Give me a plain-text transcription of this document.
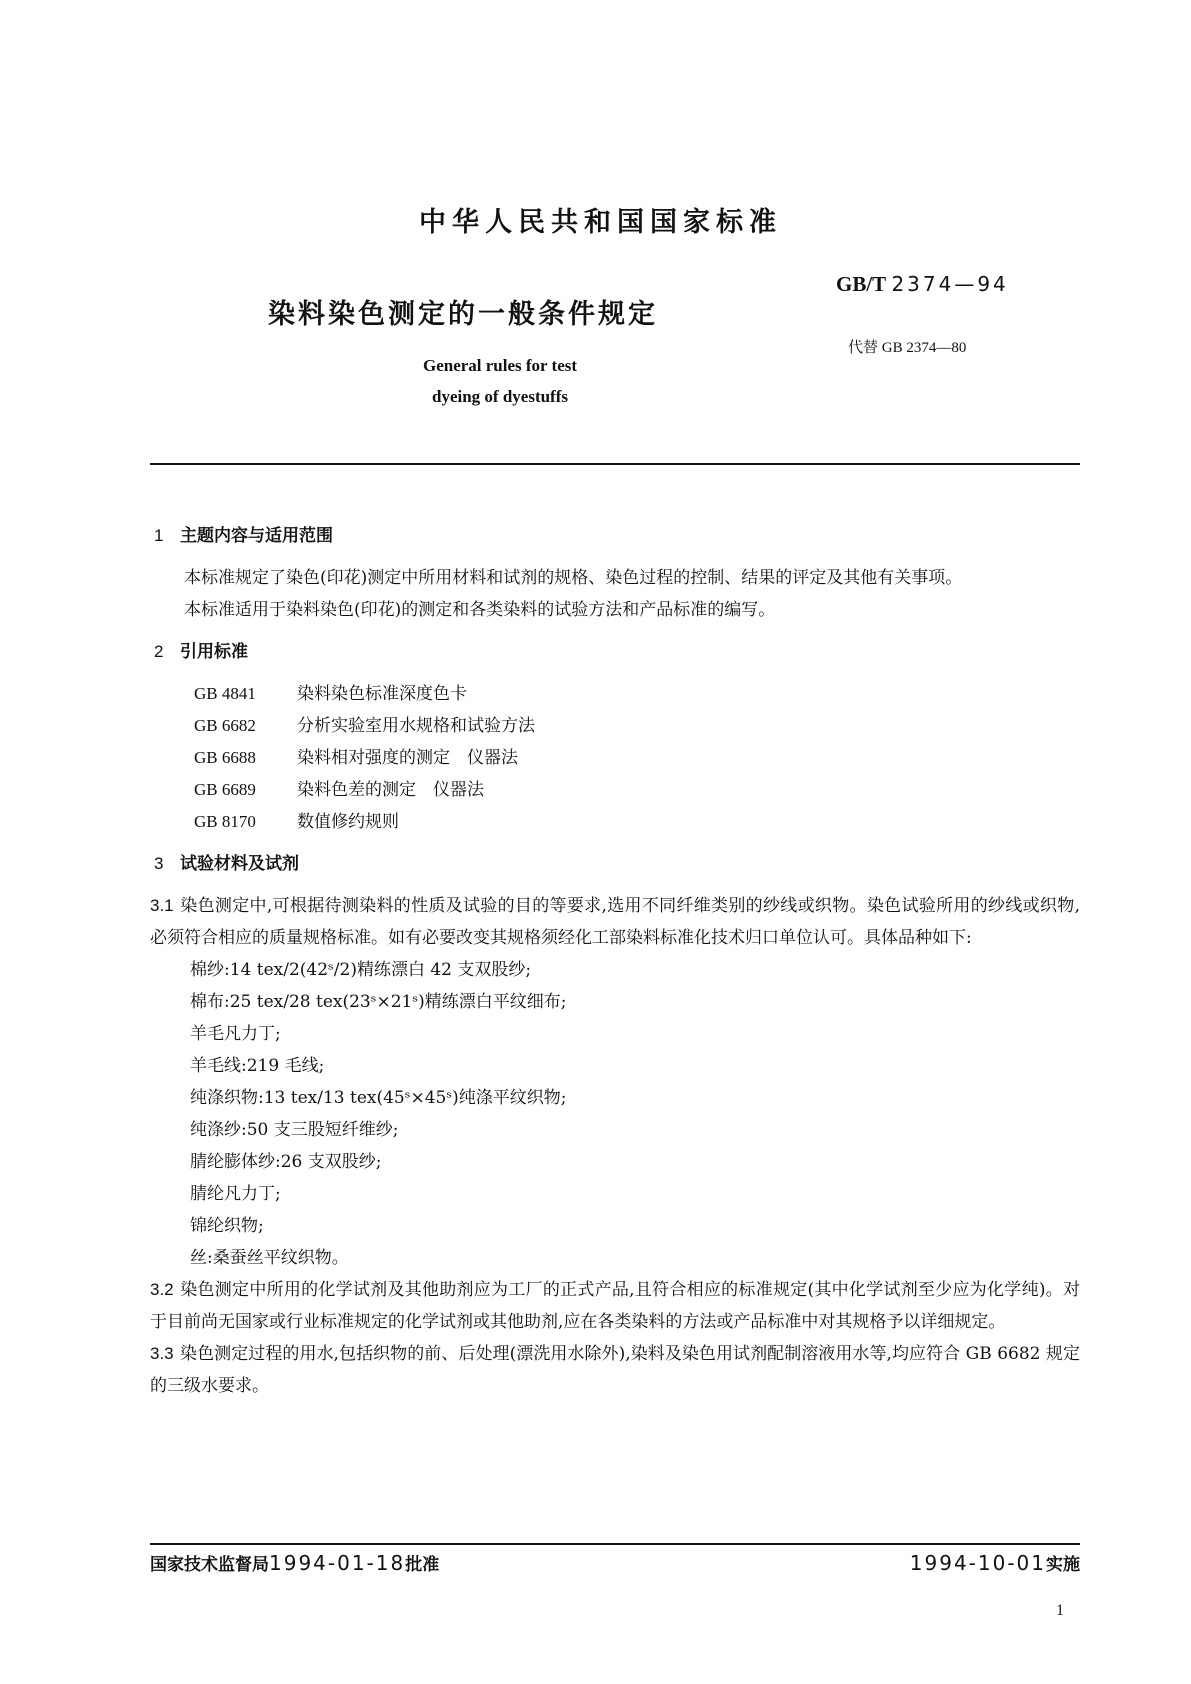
中华人民共和国国家标准
GB/T 2374—94
染料染色测定的一般条件规定
代替 GB 2374—80
General rules for test
dyeing of dyestuffs

1 主题内容与适用范围

本标准规定了染色(印花)测定中所用材料和试剂的规格、染色过程的控制、结果的评定及其他有关事项。

本标准适用于染料染色(印花)的测定和各类染料的试验方法和产品标准的编写。

2 引用标准

GB 4841 染料染色标准深度色卡
GB 6682 分析实验室用水规格和试验方法
GB 6688 染料相对强度的测定　仪器法
GB 6689 染料色差的测定　仪器法
GB 8170 数值修约规则

3 试验材料及试剂

3.1 染色测定中,可根据待测染料的性质及试验的目的等要求,选用不同纤维类别的纱线或织物。染色试验所用的纱线或织物,必须符合相应的质量规格标准。如有必要改变其规格须经化工部染料标准化技术归口单位认可。具体品种如下:

棉纱:14 tex/2(42ˢ/2)精练漂白 42 支双股纱;

棉布:25 tex/28 tex(23ˢ×21ˢ)精练漂白平纹细布;

羊毛凡力丁;

羊毛线:219 毛线;

纯涤织物:13 tex/13 tex(45ˢ×45ˢ)纯涤平纹织物;

纯涤纱:50 支三股短纤维纱;

腈纶膨体纱:26 支双股纱;

腈纶凡力丁;

锦纶织物;

丝:桑蚕丝平纹织物。

3.2 染色测定中所用的化学试剂及其他助剂应为工厂的正式产品,且符合相应的标准规定(其中化学试剂至少应为化学纯)。对于目前尚无国家或行业标准规定的化学试剂或其他助剂,应在各类染料的方法或产品标准中对其规格予以详细规定。

3.3 染色测定过程的用水,包括织物的前、后处理(漂洗用水除外),染料及染色用试剂配制溶液用水等,均应符合 GB 6682 规定的三级水要求。

国家技术监督局1994-01-18批准	1994-10-01实施
1
